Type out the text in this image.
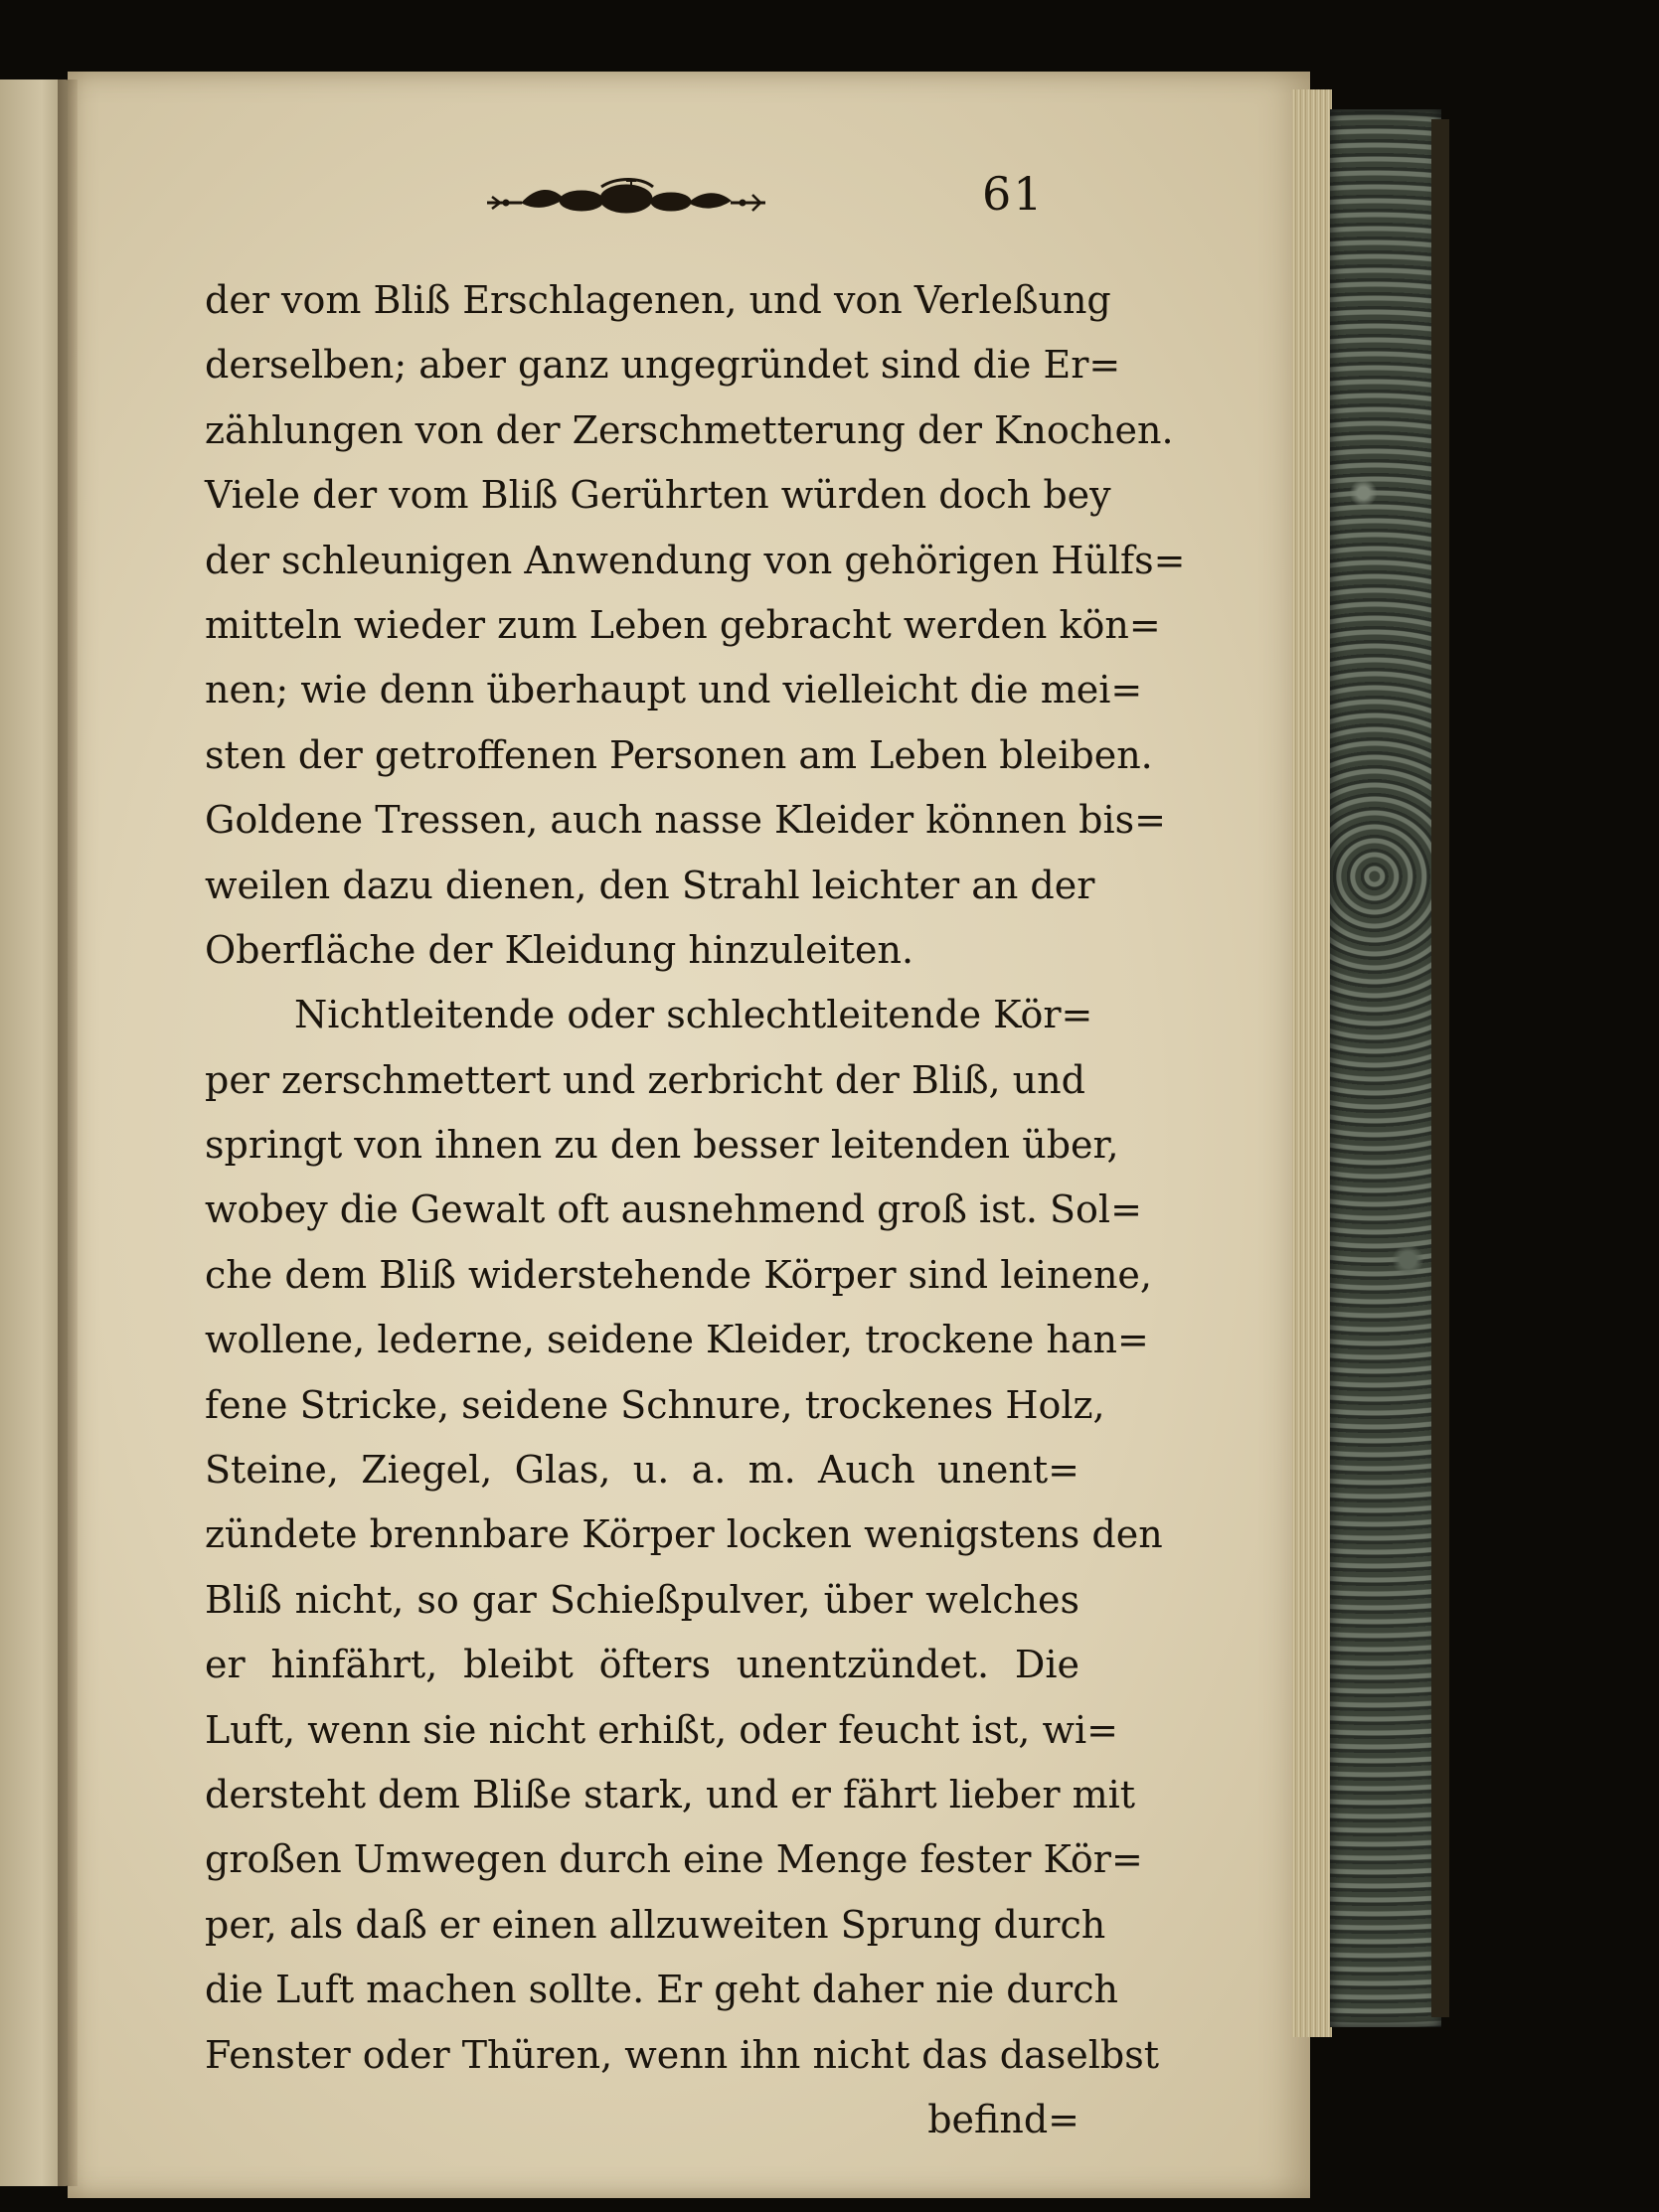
61
der vom Bliß Erschlagenen, und von Verleßung
derselben; aber ganz ungegründet sind die Er=
zählungen von der Zerschmetterung der Knochen.
Viele der vom Bliß Gerührten würden doch bey
der schleunigen Anwendung von gehörigen Hülfs=
mitteln wieder zum Leben gebracht werden kön=
nen; wie denn überhaupt und vielleicht die mei=
sten der getroffenen Personen am Leben bleiben.
Goldene Tressen, auch nasse Kleider können bis=
weilen dazu dienen, den Strahl leichter an der
Oberfläche der Kleidung hinzuleiten.
Nichtleitende oder schlechtleitende Kör=
per zerschmettert und zerbricht der Bliß, und
springt von ihnen zu den besser leitenden über,
wobey die Gewalt oft ausnehmend groß ist. Sol=
che dem Bliß widerstehende Körper sind leinene,
wollene, lederne, seidene Kleider, trockene han=
fene Stricke, seidene Schnure, trockenes Holz,
Steine, Ziegel, Glas, u. a. m. Auch unent=
zündete brennbare Körper locken wenigstens den
Bliß nicht, so gar Schießpulver, über welches
er hinfährt, bleibt öfters unentzündet. Die
Luft, wenn sie nicht erhißt, oder feucht ist, wi=
dersteht dem Bliße stark, und er fährt lieber mit
großen Umwegen durch eine Menge fester Kör=
per, als daß er einen allzuweiten Sprung durch
die Luft machen sollte. Er geht daher nie durch
Fenster oder Thüren, wenn ihn nicht das daselbst
befind=
